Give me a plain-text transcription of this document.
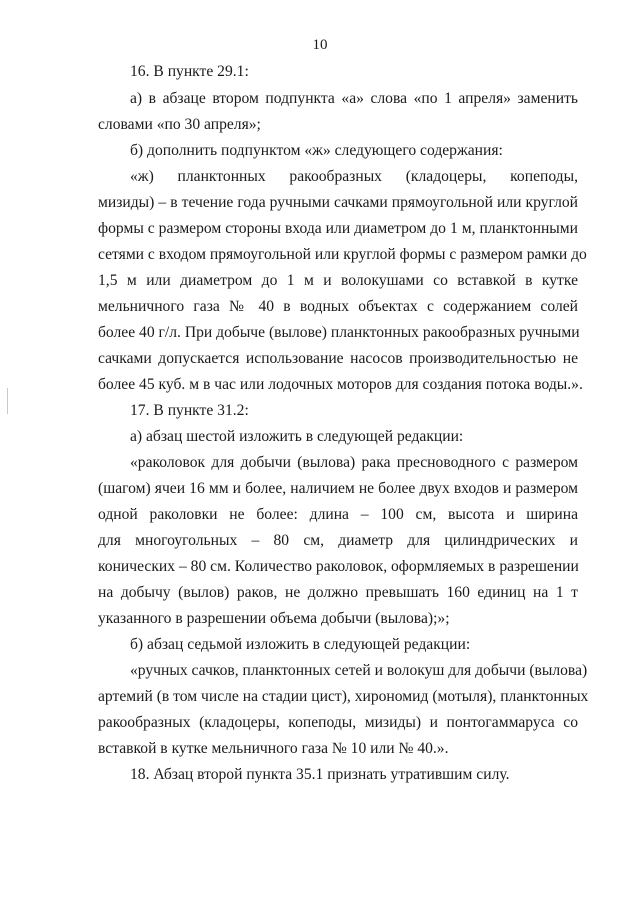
10
16. В пункте 29.1:
а) в абзаце втором подпункта «а» слова «по 1 апреля» заменить
словами «по 30 апреля»;
б) дополнить подпунктом «ж» следующего содержания:
«ж) планктонных ракообразных (кладоцеры, копеподы,
мизиды) – в течение года ручными сачками прямоугольной или круглой
формы с размером стороны входа или диаметром до 1 м, планктонными
сетями с входом прямоугольной или круглой формы с размером рамки до
1,5 м или диаметром до 1 м и волокушами со вставкой в кутке
мельничного газа № 40 в водных объектах с содержанием солей
более 40 г/л. При добыче (вылове) планктонных ракообразных ручными
сачками допускается использование насосов производительностью не
более 45 куб. м в час или лодочных моторов для создания потока воды.».
17. В пункте 31.2:
а) абзац шестой изложить в следующей редакции:
«раколовок для добычи (вылова) рака пресноводного с размером
(шагом) ячеи 16 мм и более, наличием не более двух входов и размером
одной раколовки не более: длина – 100 см, высота и ширина
для многоугольных – 80 см, диаметр для цилиндрических и
конических – 80 см. Количество раколовок, оформляемых в разрешении
на добычу (вылов) раков, не должно превышать 160 единиц на 1 т
указанного в разрешении объема добычи (вылова);»;
б) абзац седьмой изложить в следующей редакции:
«ручных сачков, планктонных сетей и волокуш для добычи (вылова)
артемий (в том числе на стадии цист), хирономид (мотыля), планктонных
ракообразных (кладоцеры, копеподы, мизиды) и понтогаммаруса со
вставкой в кутке мельничного газа № 10 или № 40.».
18. Абзац второй пункта 35.1 признать утратившим силу.
